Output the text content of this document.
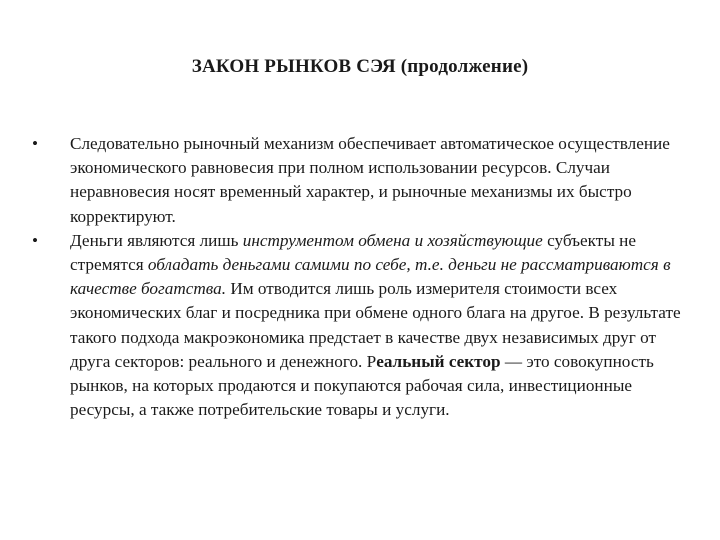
ЗАКОН РЫНКОВ СЭЯ (продолжение)
•	Следовательно рыночный механизм обеспечивает автоматическое осуществление экономического равновесия при полном использовании ресурсов. Случаи неравновесия носят временный характер, и рыночные механизмы их быстро корректируют.
•	Деньги являются лишь инструментом обмена и хозяйствующие субъекты не стремятся обладать деньгами самими по себе, т.е. деньги не рассматриваются в качестве богатства. Им отводится лишь роль измерителя стоимости всех экономических благ и посредника при обмене одного блага на другое. В результате такого подхода макроэкономика предстает в качестве двух независимых друг от друга секторов: реального и денежного. Реальный сектор — это совокупность рынков, на которых продаются и покупаются рабочая сила, инвестиционные ресурсы, а также потребительские товары и услуги.
